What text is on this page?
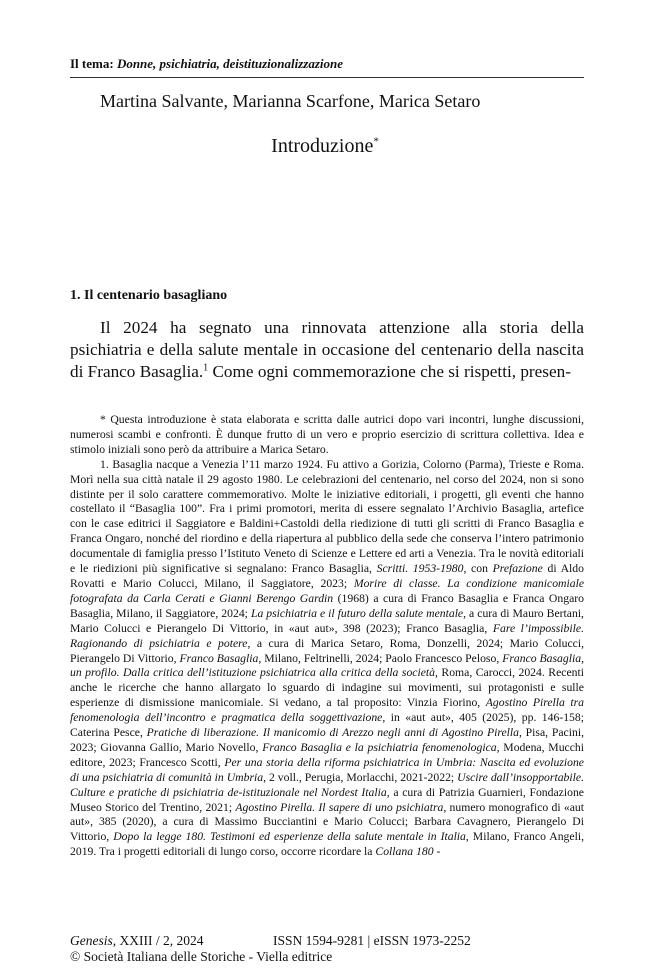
Il tema: Donne, psichiatria, deistituzionalizzazione
Martina Salvante, Marianna Scarfone, Marica Setaro
Introduzione*
1. Il centenario basagliano
Il 2024 ha segnato una rinnovata attenzione alla storia della psichiatria e della salute mentale in occasione del centenario della nascita di Franco Basaglia.$^1$ Come ogni commemorazione che si rispetti, presen-

* Questa introduzione è stata elaborata e scritta dalle autrici dopo vari incontri, lunghe discussioni, numerosi scambi e confronti. È dunque frutto di un vero e proprio esercizio di scrittura collettiva. Idea e stimolo iniziali sono però da attribuire a Marica Setaro.

1. Basaglia nacque a Venezia l’11 marzo 1924. Fu attivo a Gorizia, Colorno (Parma), Trieste e Roma. Morì nella sua città natale il 29 agosto 1980. Le celebrazioni del centenario, nel corso del 2024, non si sono distinte per il solo carattere commemorativo. Molte le iniziative editoriali, i progetti, gli eventi che hanno costellato il “Basaglia 100”. Fra i primi promotori, merita di essere segnalato l’Archivio Basaglia, artefice con le case editrici il Saggiatore e Baldini+Castoldi della riedizione di tutti gli scritti di Franco Basaglia e Franca Ongaro, nonché del riordino e della riapertura al pubblico della sede che conserva l’intero patrimonio documentale di famiglia presso l’Istituto Veneto di Scienze e Lettere ed arti a Venezia. Tra le novità editoriali e le riedizioni più significative si segnalano: Franco Basaglia, Scritti. 1953-1980, con Prefazione di Aldo Rovatti e Mario Colucci, Milano, il Saggiatore, 2023; Morire di classe. La condizione manicomiale fotografata da Carla Cerati e Gianni Berengo Gardin (1968) a cura di Franco Basaglia e Franca Ongaro Basaglia, Milano, il Saggiatore, 2024; La psichiatria e il futuro della salute mentale, a cura di Mauro Bertani, Mario Colucci e Pierangelo Di Vittorio, in «aut aut», 398 (2023); Franco Basaglia, Fare l’impossibile. Ragionando di psichiatria e potere, a cura di Marica Setaro, Roma, Donzelli, 2024; Mario Colucci, Pierangelo Di Vittorio, Franco Basaglia, Milano, Feltrinelli, 2024; Paolo Francesco Peloso, Franco Basaglia, un profilo. Dalla critica dell’istituzione psichiatrica alla critica della società, Roma, Carocci, 2024. Recenti anche le ricerche che hanno allargato lo sguardo di indagine sui movimenti, sui protagonisti e sulle esperienze di dismissione manicomiale. Si vedano, a tal proposito: Vinzia Fiorino, Agostino Pirella tra fenomenologia dell’incontro e pragmatica della soggettivazione, in «aut aut», 405 (2025), pp. 146-158; Caterina Pesce, Pratiche di liberazione. Il manicomio di Arezzo negli anni di Agostino Pirella, Pisa, Pacini, 2023; Giovanna Gallio, Mario Novello, Franco Basaglia e la psichiatria fenomenologica, Modena, Mucchi editore, 2023; Francesco Scotti, Per una storia della riforma psichiatrica in Umbria: Nascita ed evoluzione di una psichiatria di comunità in Umbria, 2 voll., Perugia, Morlacchi, 2021-2022; Uscire dall’insopportabile. Culture e pratiche di psichiatria de-istituzionale nel Nordest Italia, a cura di Patrizia Guarnieri, Fondazione Museo Storico del Trentino, 2021; Agostino Pirella. Il sapere di uno psichiatra, numero monografico di «aut aut», 385 (2020), a cura di Massimo Bucciantini e Mario Colucci; Barbara Cavagnero, Pierangelo Di Vittorio, Dopo la legge 180. Testimoni ed esperienze della salute mentale in Italia, Milano, Franco Angeli, 2019. Tra i progetti editoriali di lungo corso, occorre ricordare la Collana 180 -

Genesis, XXIII / 2, 2024	ISSN 1594-9281 | eISSN 1973-2252
© Società Italiana delle Storiche - Viella editrice
